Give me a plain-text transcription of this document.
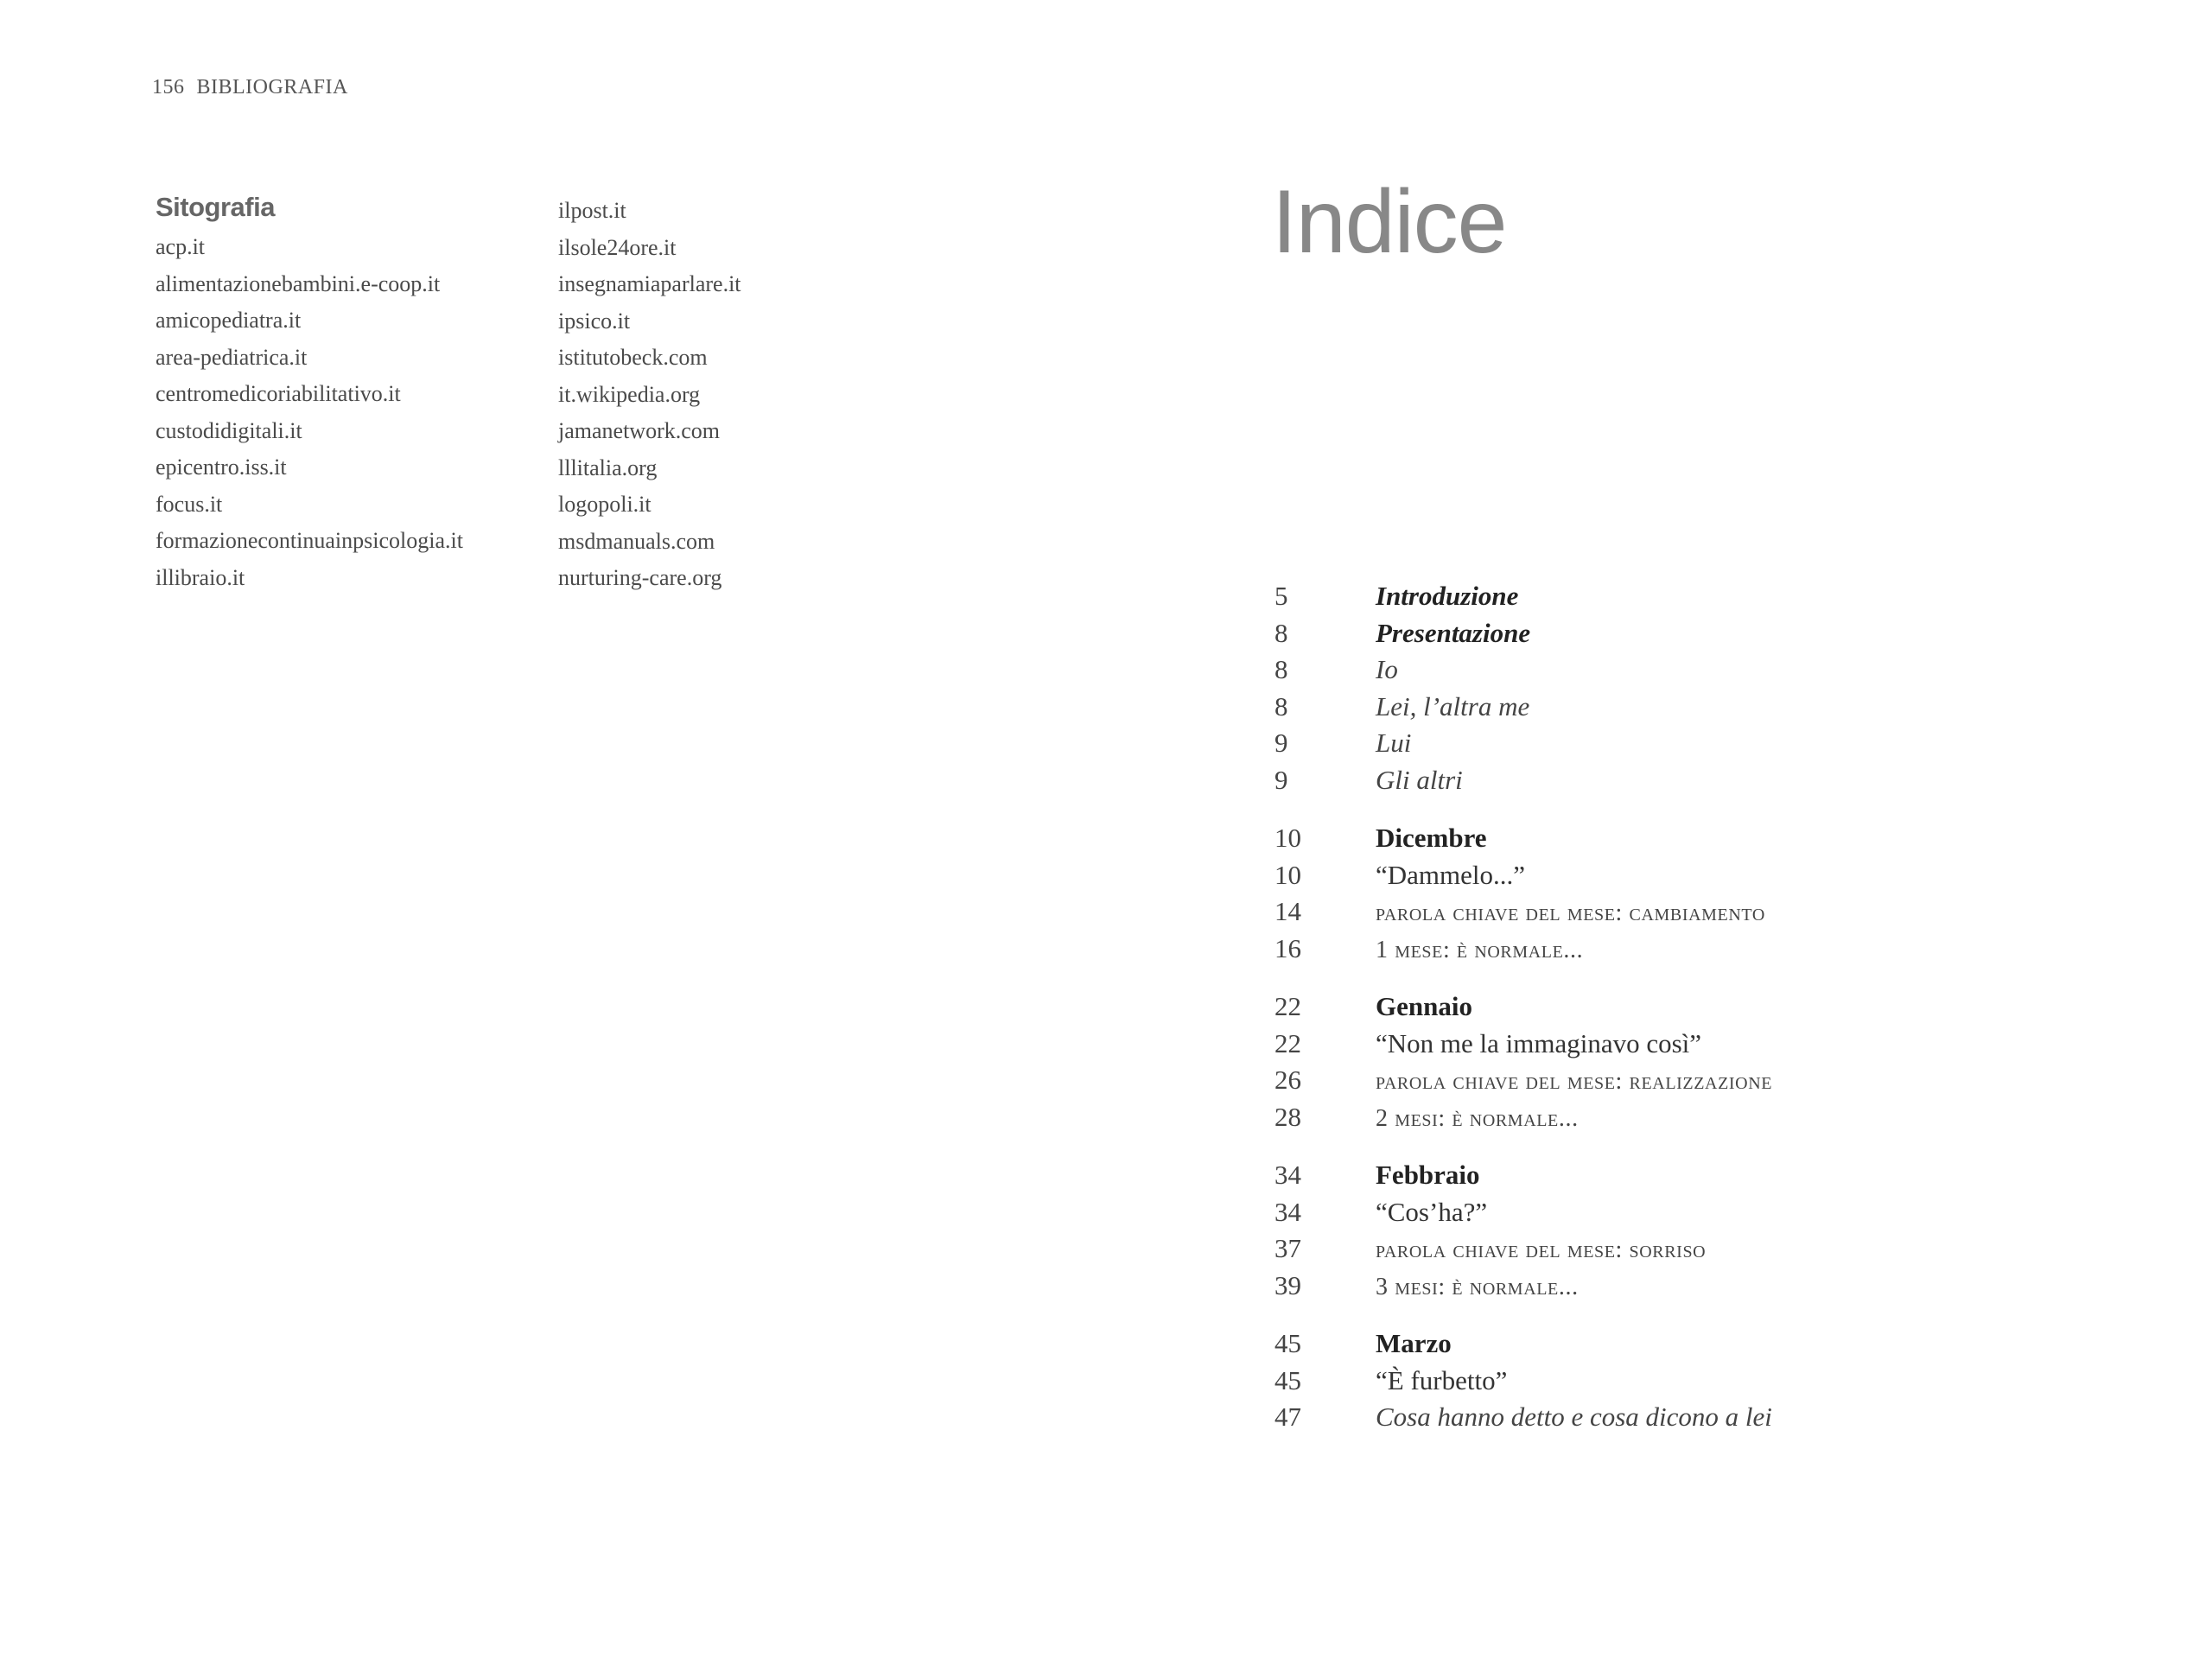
156 BIBLIOGRAFIA
Sitografia
acp.it
alimentazionebambini.e-coop.it
amicopediatra.it
area-pediatrica.it
centromedicoriabilitativo.it
custodidigitali.it
epicentro.iss.it
focus.it
formazionecontinuainpsicologia.it
illibraio.it
ilpost.it
ilsole24ore.it
insegnamiaparlare.it
ipsico.it
istitutobeck.com
it.wikipedia.org
jamanetwork.com
lllitalia.org
logopoli.it
msdmanuals.com
nurturing-care.org
Indice
5	Introduzione
8	Presentazione
8	Io
8	Lei, l’altra me
9	Lui
9	Gli altri
10	Dicembre
10	“Dammelo...”
14	parola chiave del mese: cambiamento
16	1 mese: è normale...
22	Gennaio
22	“Non me la immaginavo così”
26	parola chiave del mese: realizzazione
28	2 mesi: è normale...
34	Febbraio
34	“Cos’ha?”
37	parola chiave del mese: sorriso
39	3 mesi: è normale...
45	Marzo
45	“È furbetto”
47	Cosa hanno detto e cosa dicono a lei
